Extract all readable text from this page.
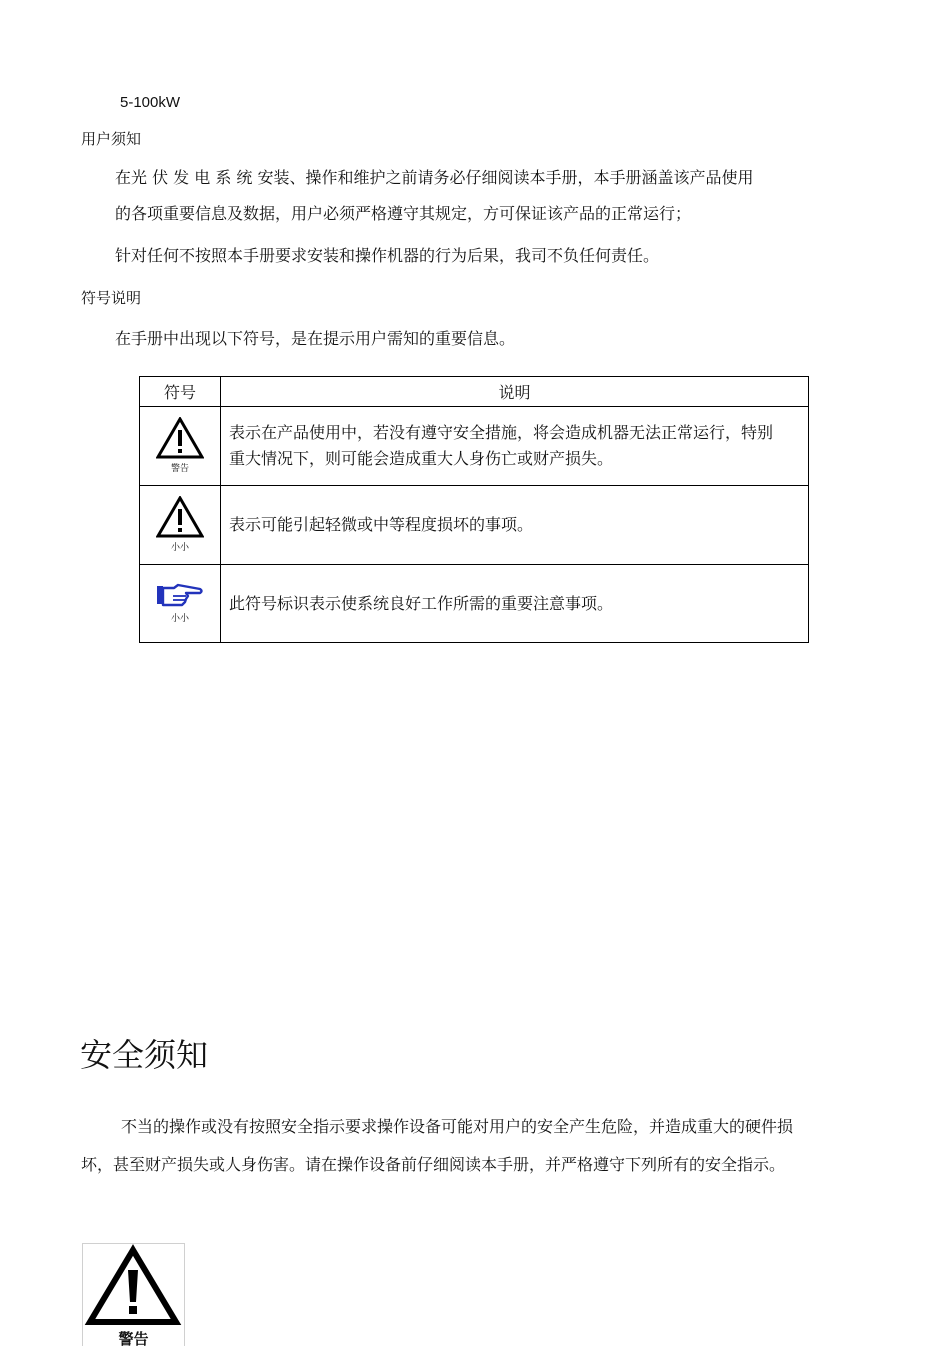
5-100kW
用户须知
在光 伏 发 电 系 统 安装、操作和维护之前请务必仔细阅读本手册，本手册涵盖该产品使用
的各项重要信息及数据，用户必须严格遵守其规定，方可保证该产品的正常运行；
针对任何不按照本手册要求安装和操作机器的行为后果，我司不负任何责任。
符号说明
在手册中出现以下符号，是在提示用户需知的重要信息。
符号	说明

警告	表示在产品使用中，若没有遵守安全措施，将会造成机器无法正常运行，特别重大情况下，则可能会造成重大人身伤亡或财产损失。

小小	表示可能引起轻微或中等程度损坏的事项。

小小	此符号标识表示使系统良好工作所需的重要注意事项。
安全须知
不当的操作或没有按照安全指示要求操作设备可能对用户的安全产生危险，并造成重大的硬件损坏，甚至财产损失或人身伤害。请在操作设备前仔细阅读本手册，并严格遵守下列所有的安全指示。
警告
